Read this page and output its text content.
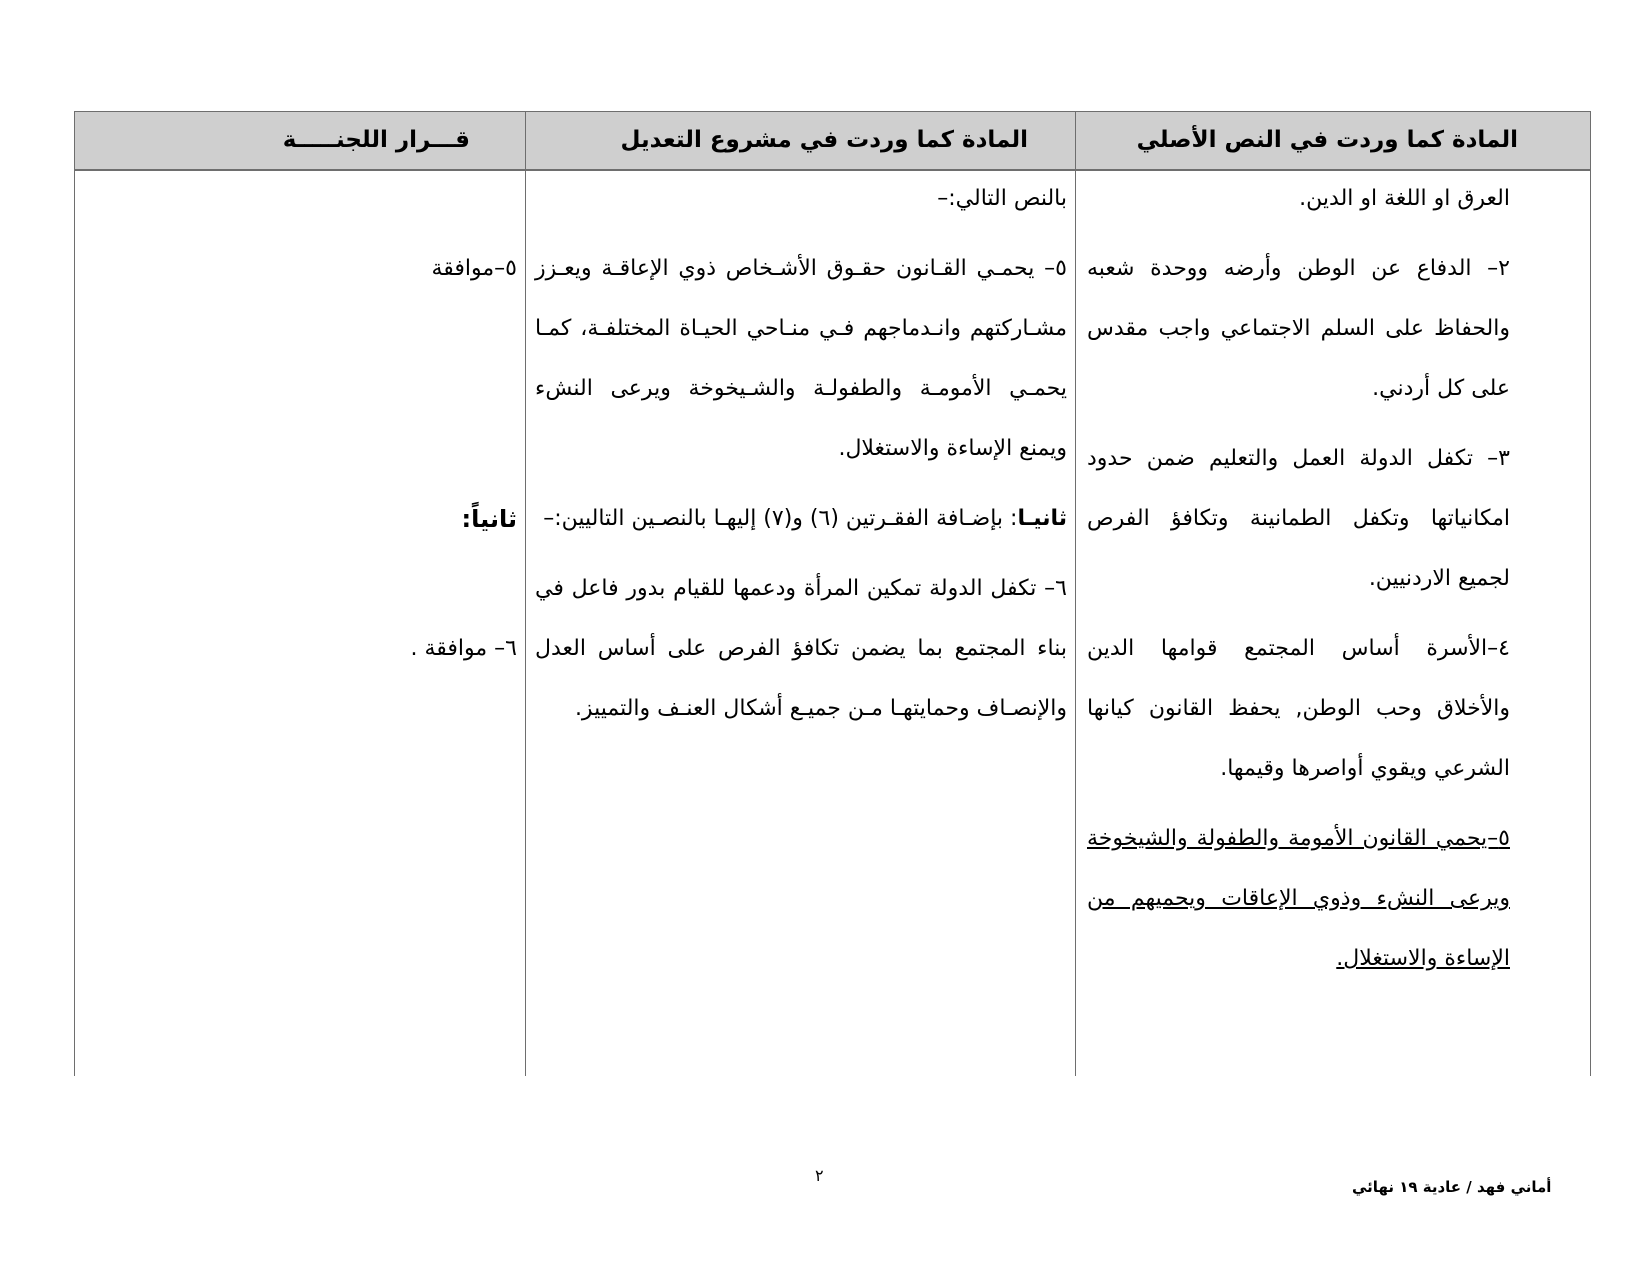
المادة كما وردت في النص الأصلي
المادة كما وردت في مشروع التعديل
قـــرار اللجنـــــة

العرق او اللغة او الدين.

٢– الدفاع عن الوطن وأرضه ووحدة شعبه والحفاظ على السلم الاجتماعي واجب مقدس على كل أردني.

٣– تكفل الدولة العمل والتعليم ضمن حدود امكانياتها وتكفل الطمانينة وتكافؤ الفرص لجميع الاردنيين.

٤–الأسرة أساس المجتمع قوامها الدين والأخلاق وحب الوطن, يحفظ القانون كيانها الشرعي ويقوي أواصرها وقيمها.

٥–يحمي القانون الأمومة والطفولة والشيخوخة ويرعى النشء وذوي الإعاقات ويحميهم من الإساءة والاستغلال.

بالنص التالي:–

٥– يحمـي القـانون حقـوق الأشـخاص ذوي الإعاقـة ويعـزز مشـاركتهم وانـدماجهم فـي منـاحي الحيـاة المختلفـة، كمـا يحمـي الأمومـة والطفولـة والشـيخوخة ويرعى النشء ويمنع الإساءة والاستغلال.

ثانيـا: بإضـافة الفقـرتين (٦) و(٧) إليهـا بالنصـين التاليين:–

٦– تكفل الدولة تمكين المرأة ودعمها للقيام بدور فاعل في بناء المجتمع بما يضمن تكافؤ الفرص على أساس العدل والإنصـاف وحمايتهـا مـن جميـع أشكال العنـف والتمييز.

٥–موافقة

ثانياً:

٦– موافقة .

٢
أماني فهد / عادية ١٩ نهائي
